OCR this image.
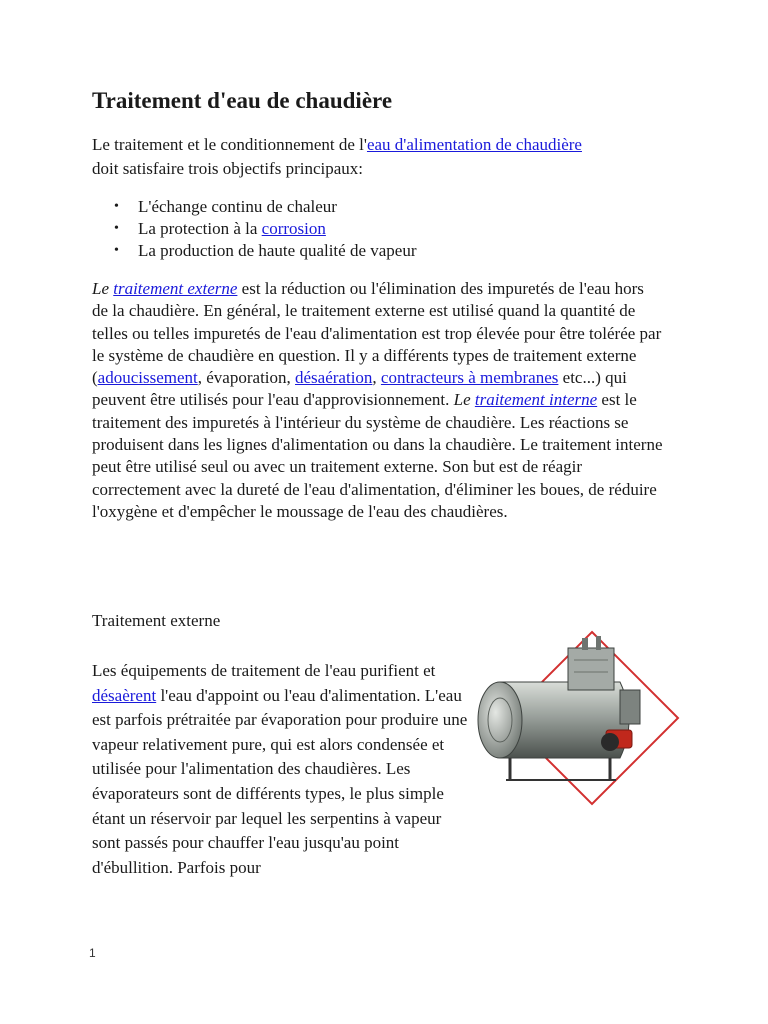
Traitement d'eau de chaudière

Le traitement et le conditionnement de l'eau d'alimentation de chaudière doit satisfaire trois objectifs principaux:

• L'échange continu de chaleur
• La protection à la corrosion
• La production de haute qualité de vapeur

Le traitement externe est la réduction ou l'élimination des impuretés de l'eau hors de la chaudière. En général, le traitement externe est utilisé quand la quantité de telles ou telles impuretés de l'eau d'alimentation est trop élevée pour être tolérée par le système de chaudière en question. Il y a différents types de traitement externe (adoucissement, évaporation, désaération, contracteurs à membranes etc...) qui peuvent être utilisés pour l'eau d'approvisionnement. Le traitement interne est le traitement des impuretés à l'intérieur du système de chaudière. Les réactions se produisent dans les lignes d'alimentation ou dans la chaudière. Le traitement interne peut être utilisé seul ou avec un traitement externe. Son but est de réagir correctement avec la dureté de l'eau d'alimentation, d'éliminer les boues, de réduire l'oxygène et d'empêcher le moussage de l'eau des chaudières.

Traitement externe

Les équipements de traitement de l'eau purifient et désaèrent l'eau d'appoint ou l'eau d'alimentation. L'eau est parfois prétraitée par évaporation pour produire une vapeur relativement pure, qui est alors condensée et utilisée pour l'alimentation des chaudières. Les évaporateurs sont de différents types, le plus simple étant un réservoir par lequel les serpentins à vapeur sont passés pour chauffer l'eau jusqu'au point d'ébullition. Parfois pour

1
